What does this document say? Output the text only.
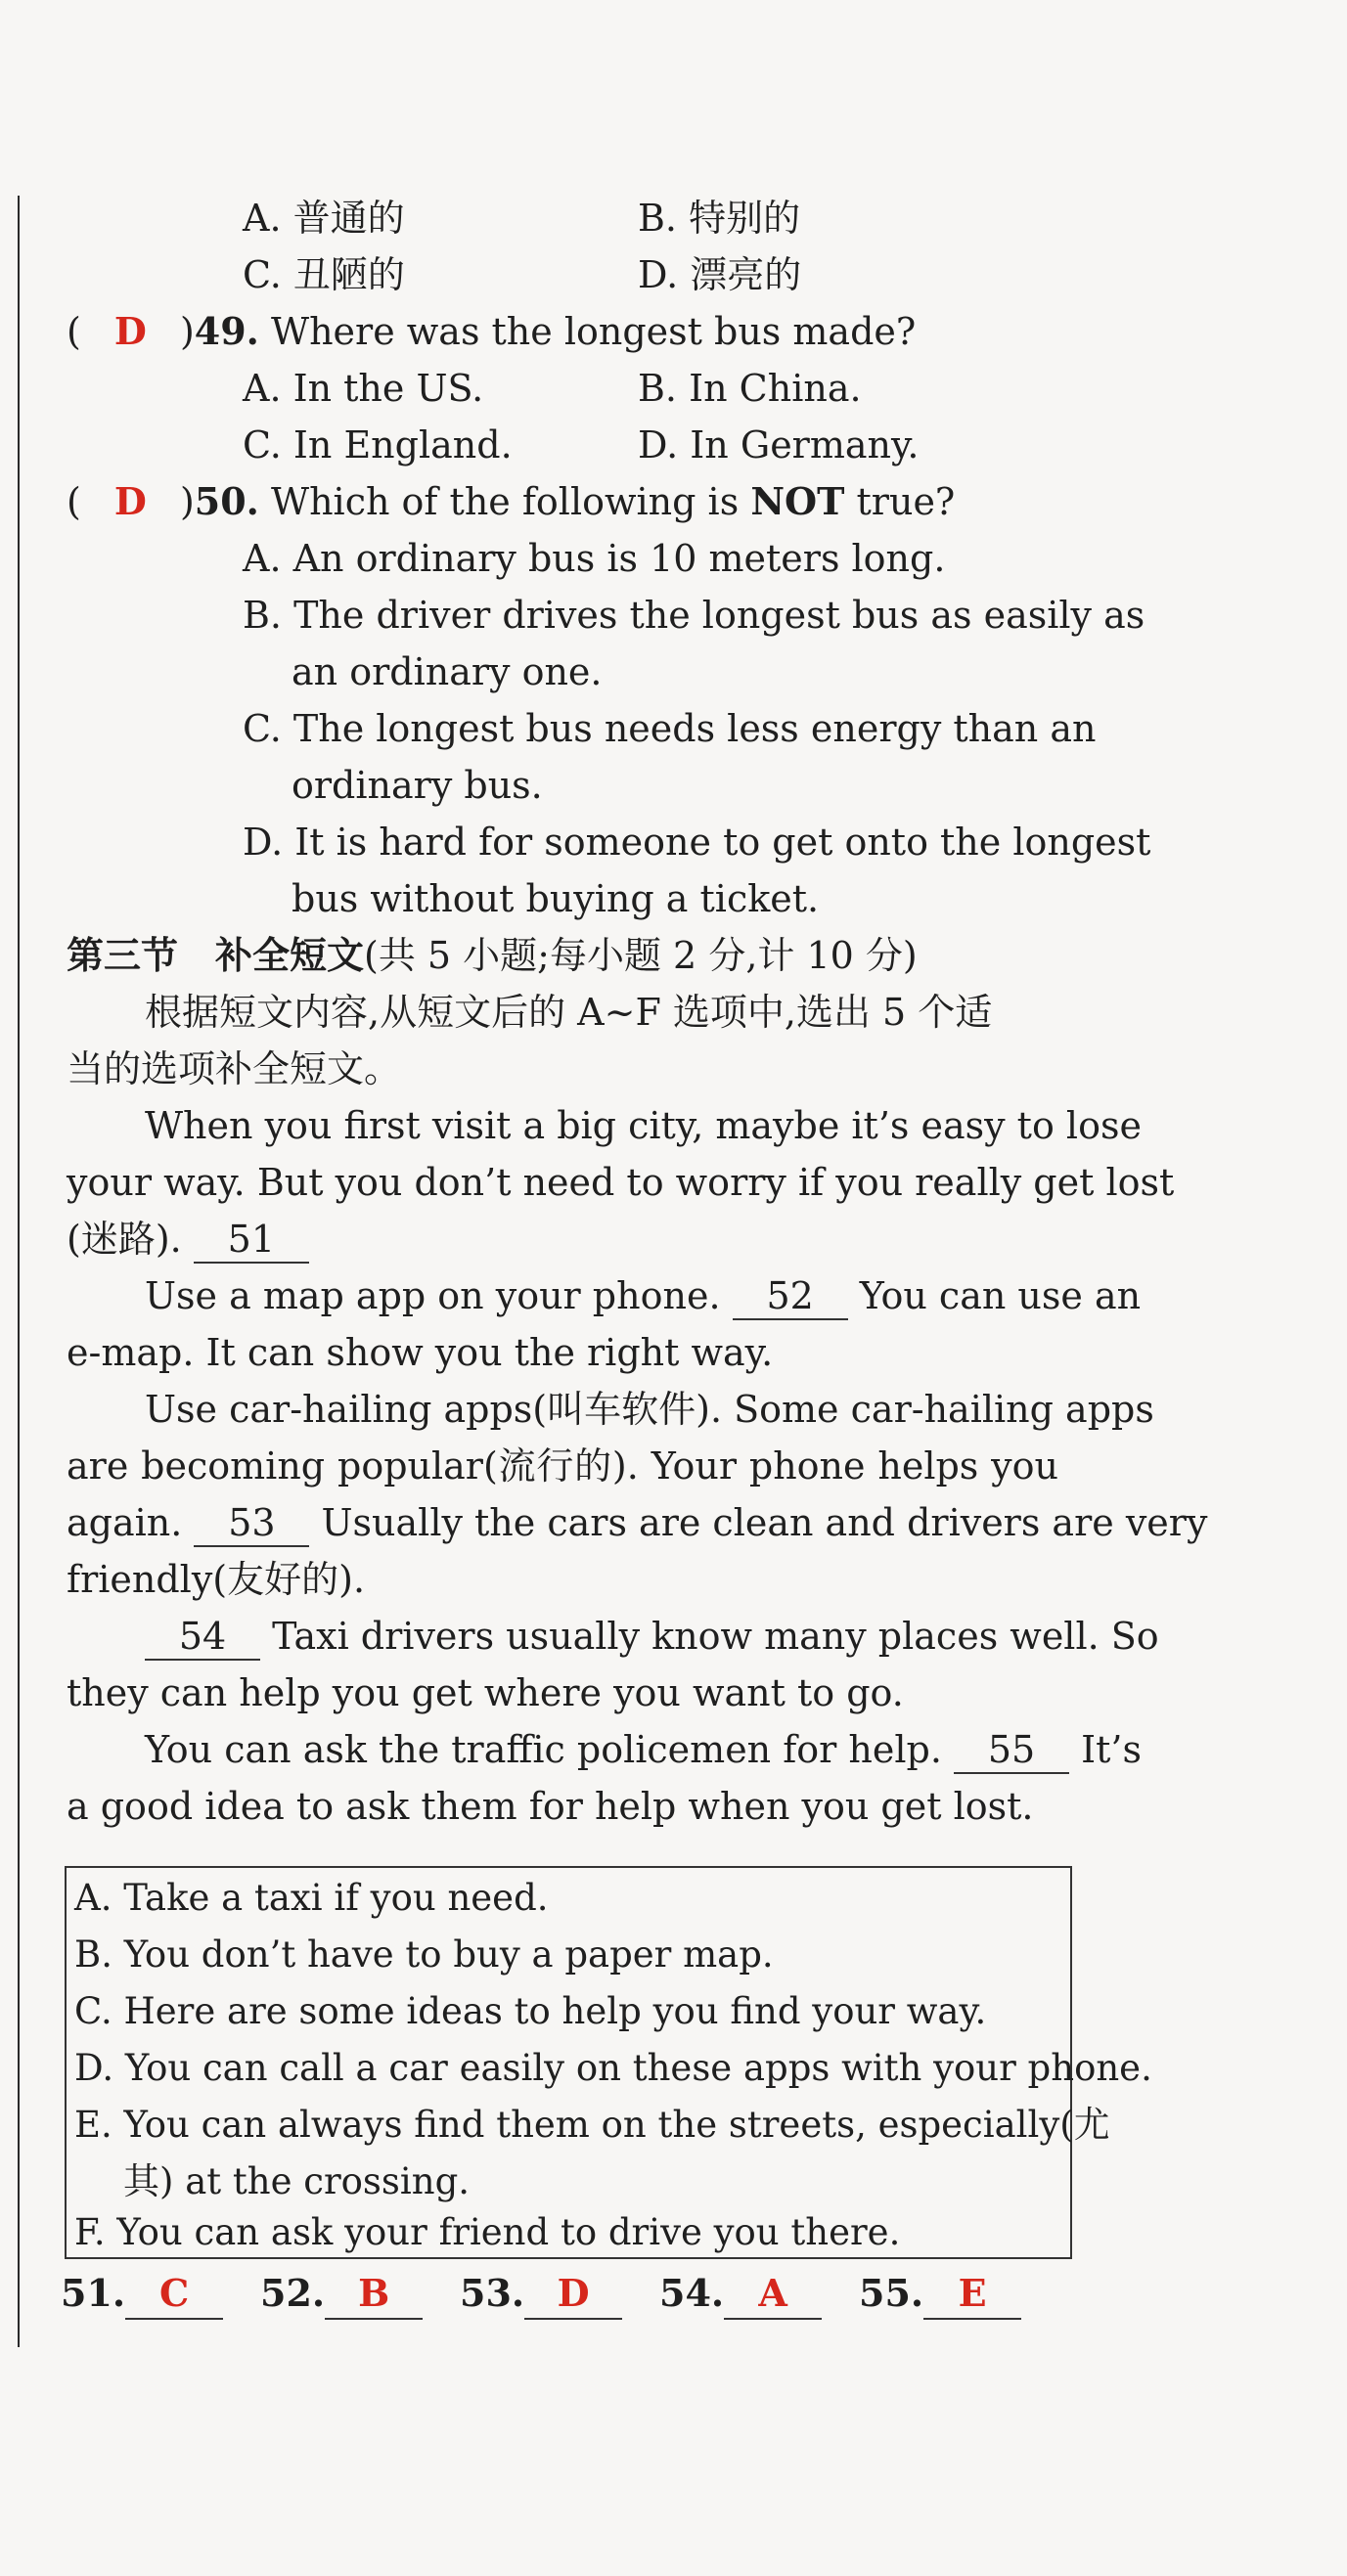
A. 普通的	B. 特别的
C. 丑陋的	D. 漂亮的
( D )49. Where was the longest bus made?
A. In the US.	B. In China.
C. In England.	D. In Germany.
( D )50. Which of the following is NOT true?
A. An ordinary bus is 10 meters long.
B. The driver drives the longest bus as easily as
an ordinary one.
C. The longest bus needs less energy than an
ordinary bus.
D. It is hard for someone to get onto the longest
bus without buying a ticket.
第三节　补全短文(共 5 小题;每小题 2 分,计 10 分)
根据短文内容,从短文后的 A~F 选项中,选出 5 个适
当的选项补全短文。
When you first visit a big city, maybe it’s easy to lose
your way. But you don’t need to worry if you really get lost
(迷路). 51
Use a map app on your phone. 52 You can use an
e-map. It can show you the right way.
Use car-hailing apps(叫车软件). Some car-hailing apps
are becoming popular(流行的). Your phone helps you
again. 53 Usually the cars are clean and drivers are very
friendly(友好的).
54 Taxi drivers usually know many places well. So
they can help you get where you want to go.
You can ask the traffic policemen for help. 55 It’s
a good idea to ask them for help when you get lost.
A. Take a taxi if you need.
B. You don’t have to buy a paper map.
C. Here are some ideas to help you find your way.
D. You can call a car easily on these apps with your phone.
E. You can always find them on the streets, especially(尤
其) at the crossing.
F. You can ask your friend to drive you there.
51. C	52. B	53. D	54. A	55. E
